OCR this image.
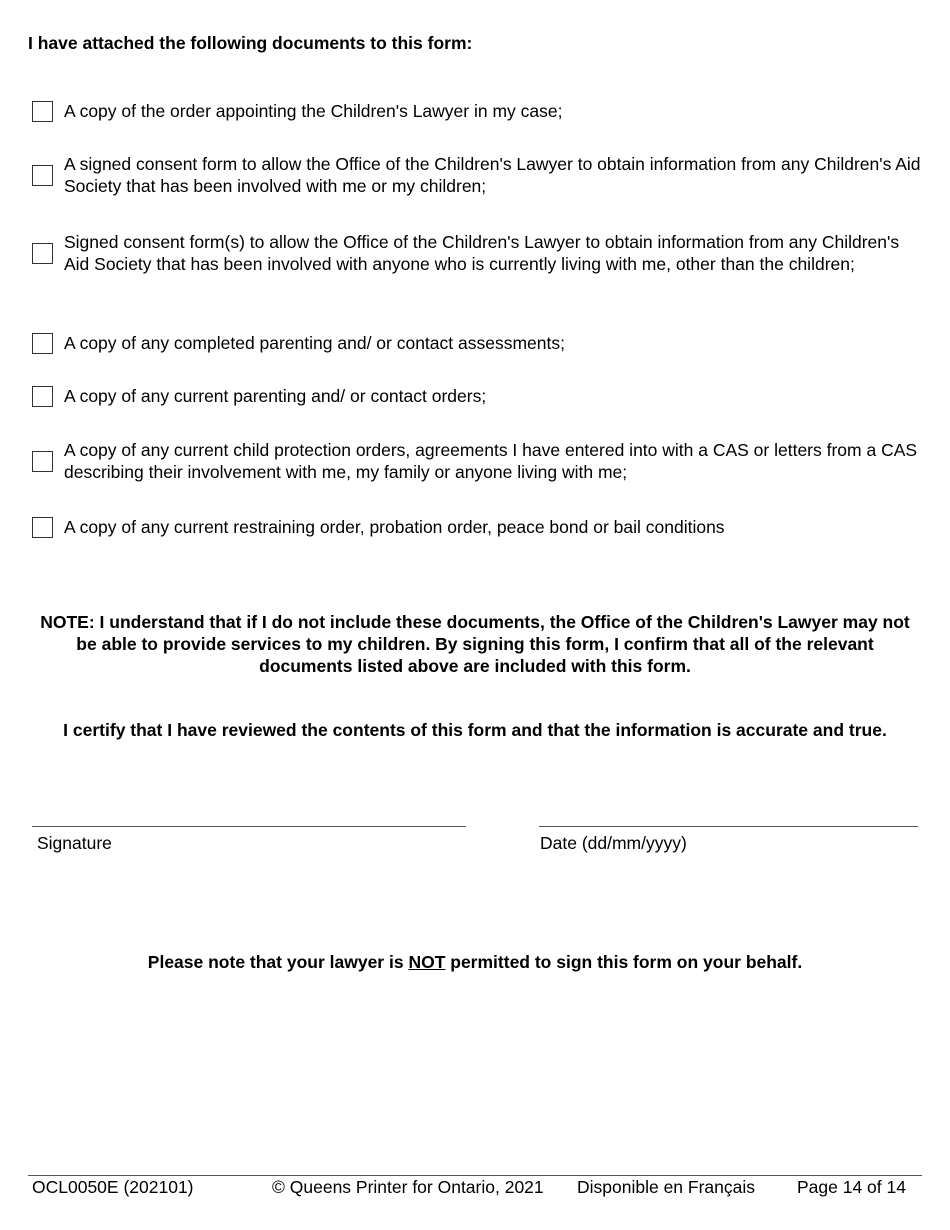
I have attached the following documents to this form:
A copy of the order appointing the Children's Lawyer in my case;
A signed consent form to allow the Office of the Children's Lawyer to obtain information from any Children's Aid Society that has been involved with me or my children;
Signed consent form(s) to allow the Office of the Children's Lawyer to obtain information from any Children's Aid Society that has been involved with anyone who is currently living with me, other than the children;
A copy of any completed parenting and/ or contact assessments;
A copy of any current parenting and/ or contact orders;
A copy of any current child protection orders, agreements I have entered into with a CAS or letters from a CAS describing their involvement with me, my family or anyone living with me;
A copy of any current restraining order, probation order, peace bond or bail conditions
NOTE: I understand that if I do not include these documents, the Office of the Children's Lawyer may not be able to provide services to my children. By signing this form, I confirm that all of the relevant documents listed above are included with this form.
I certify that I have reviewed the contents of this form and that the information is accurate and true.
Signature	Date (dd/mm/yyyy)
Please note that your lawyer is NOT permitted to sign this form on your behalf.
OCL0050E (202101)	© Queens Printer for Ontario, 2021 Disponible en Français Page 14 of 14
